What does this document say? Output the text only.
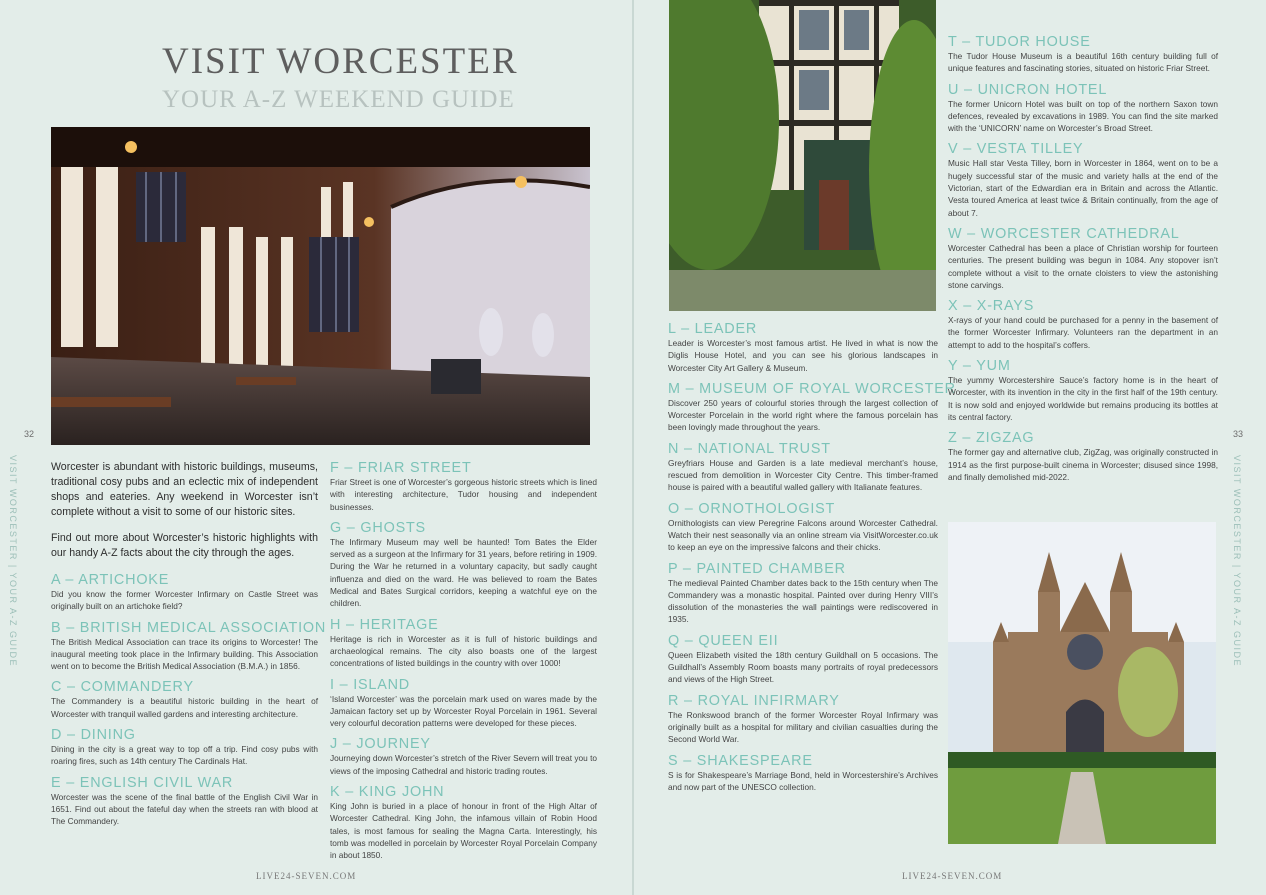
VISIT WORCESTER
YOUR A-Z WEEKEND GUIDE
VISIT WORCESTER | YOUR A-Z GUIDE
32

Worcester is abundant with historic buildings, museums, traditional cosy pubs and an eclectic mix of independent shops and eateries. Any weekend in Worcester isn’t complete without a visit to some of our historic sites.

Find out more about Worcester’s historic highlights with our handy A-Z facts about the city through the ages.

A – ARTICHOKE

Did you know the former Worcester Infirmary on Castle Street was originally built on an artichoke field?

B – BRITISH MEDICAL ASSOCIATION

The British Medical Association can trace its origins to Worcester! The inaugural meeting took place in the Infirmary building. This Association went on to become the British Medical Association (B.M.A.) in 1856.

C – COMMANDERY

The Commandery is a beautiful historic building in the heart of Worcester with tranquil walled gardens and interesting architecture.

D – DINING

Dining in the city is a great way to top off a trip. Find cosy pubs with roaring fires, such as 14th century The Cardinals Hat.

E – ENGLISH CIVIL WAR

Worcester was the scene of the final battle of the English Civil War in 1651. Find out about the fateful day when the streets ran with blood at The Commandery.

F – FRIAR STREET

Friar Street is one of Worcester’s gorgeous historic streets which is lined with interesting architecture, Tudor housing and independent businesses.

G – GHOSTS

The Infirmary Museum may well be haunted! Tom Bates the Elder served as a surgeon at the Infirmary for 31 years, before retiring in 1909. During the War he returned in a voluntary capacity, but sadly caught influenza and died on the ward. He was believed to roam the Bates Medical and Bates Surgical corridors, keeping a watchful eye on the children.

H – HERITAGE

Heritage is rich in Worcester as it is full of historic buildings and archaeological remains. The city also boasts one of the largest concentrations of listed buildings in the country with over 1000!

I – ISLAND

‘Island Worcester’ was the porcelain mark used on wares made by the Jamaican factory set up by Worcester Royal Porcelain in 1961. Several very colourful decoration patterns were developed for these pieces.

J – JOURNEY

Journeying down Worcester’s stretch of the River Severn will treat you to views of the imposing Cathedral and historic trading routes.

K – KING JOHN

King John is buried in a place of honour in front of the High Altar of Worcester Cathedral. King John, the infamous villain of Robin Hood tales, is most famous for sealing the Magna Carta. Interestingly, his tomb was modelled in porcelain by Worcester Royal Porcelain Company in about 1850.

LIVE24-SEVEN.COM
L – LEADER

Leader is Worcester’s most famous artist. He lived in what is now the Diglis House Hotel, and you can see his glorious landscapes in Worcester City Art Gallery & Museum.

M – MUSEUM OF ROYAL WORCESTER

Discover 250 years of colourful stories through the largest collection of Worcester Porcelain in the world right where the famous porcelain has been lovingly made throughout the years.

N – NATIONAL TRUST

Greyfriars House and Garden is a late medieval merchant’s house, rescued from demolition in Worcester City Centre. This timber-framed house is paired with a beautiful walled gallery with Italianate features.

O – ORNOTHOLOGIST

Ornithologists can view Peregrine Falcons around Worcester Cathedral. Watch their nest seasonally via an online stream via VisitWorcester.co.uk to keep an eye on the impressive falcons and their chicks.

P – PAINTED CHAMBER

The medieval Painted Chamber dates back to the 15th century when The Commandery was a monastic hospital. Painted over during Henry VIII’s dissolution of the monasteries the wall paintings were rediscovered in 1935.

Q – QUEEN EII

Queen Elizabeth visited the 18th century Guildhall on 5 occasions. The Guildhall’s Assembly Room boasts many portraits of royal predecessors and views of the High Street.

R – ROYAL INFIRMARY

The Ronkswood branch of the former Worcester Royal Infirmary was originally built as a hospital for military and civilian casualties during the Second World War.

S – SHAKESPEARE

S is for Shakespeare’s Marriage Bond, held in Worcestershire’s Archives and now part of the UNESCO collection.

T – TUDOR HOUSE

The Tudor House Museum is a beautiful 16th century building full of unique features and fascinating stories, situated on historic Friar Street.

U – UNICRON HOTEL

The former Unicorn Hotel was built on top of the northern Saxon town defences, revealed by excavations in 1989. You can find the site marked with the ‘UNICORN’ name on Worcester’s Broad Street.

V – VESTA TILLEY

Music Hall star Vesta Tilley, born in Worcester in 1864, went on to be a hugely successful star of the music and variety halls at the end of the Victorian, start of the Edwardian era in Britain and across the Atlantic. Vesta toured America at least twice & Britain continually, from the age of about 7.

W – WORCESTER CATHEDRAL

Worcester Cathedral has been a place of Christian worship for fourteen centuries. The present building was begun in 1084. Any stopover isn’t complete without a visit to the ornate cloisters to view the astonishing stone carvings.

X – X-RAYS

X-rays of your hand could be purchased for a penny in the basement of the former Worcester Infirmary. Volunteers ran the department in an attempt to add to the hospital’s coffers.

Y – YUM

The yummy Worcestershire Sauce’s factory home is in the heart of Worcester, with its invention in the city in the first half of the 19th century. It is now sold and enjoyed worldwide but remains producing its bottles at its central factory.

Z – ZIGZAG

The former gay and alternative club, ZigZag, was originally constructed in 1914 as the first purpose-built cinema in Worcester; disused since 1998, and finally demolished mid-2022.	VISIT WORCESTER | YOUR A-Z GUIDE
33
LIVE24-SEVEN.COM
